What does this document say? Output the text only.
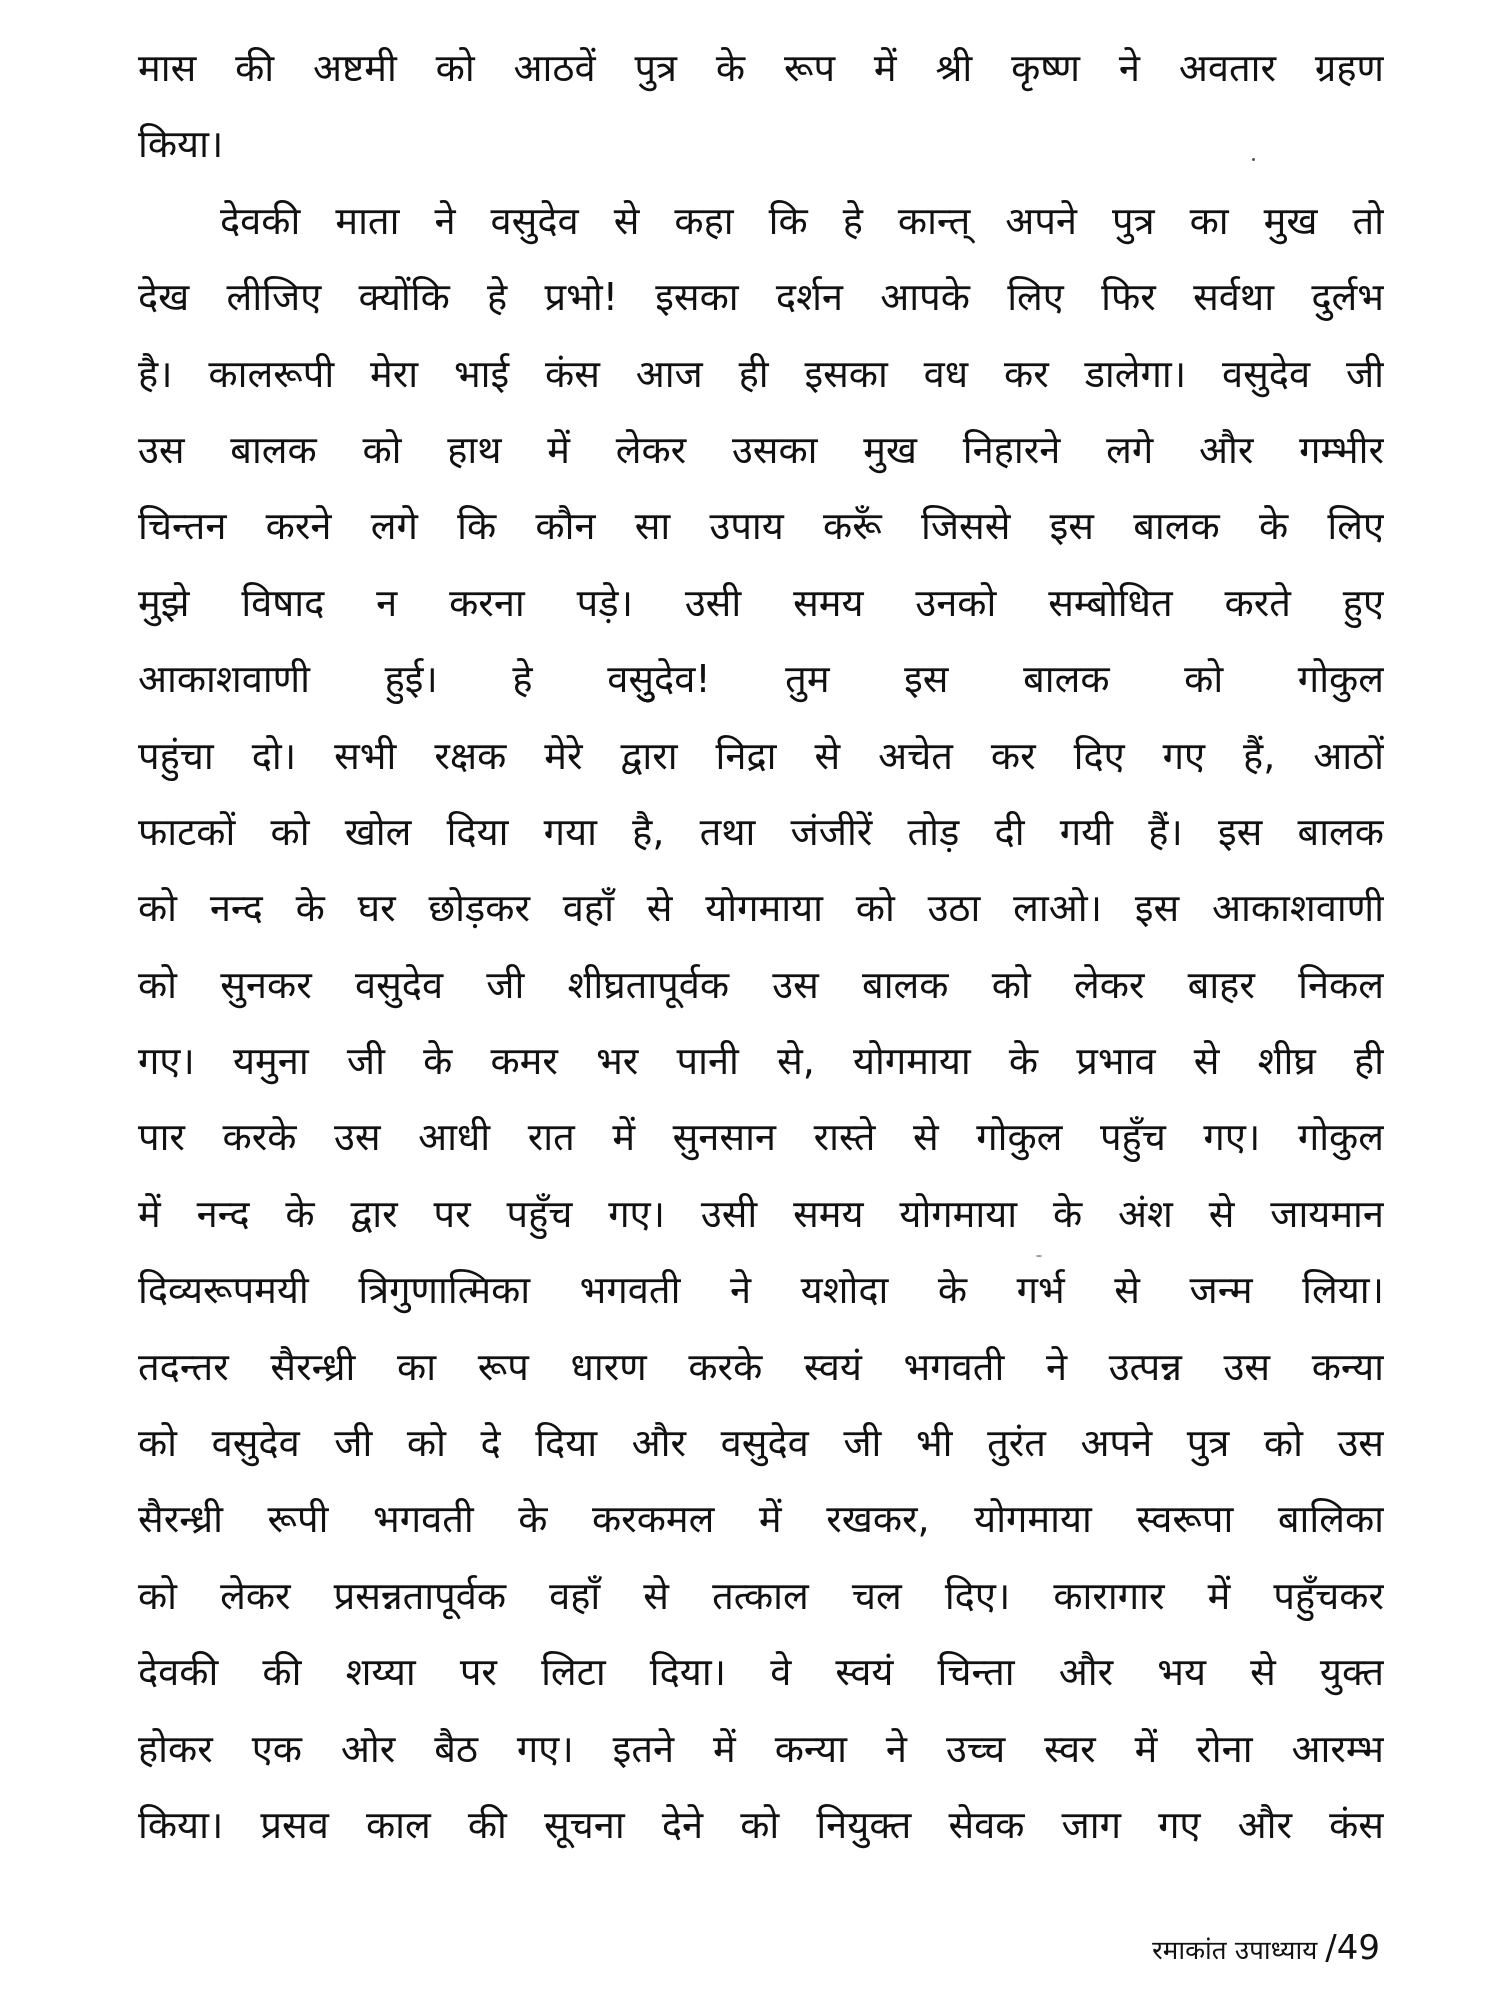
मास की अष्टमी को आठवें पुत्र के रूप में श्री कृष्ण ने अवतार ग्रहण
किया।
देवकी माता ने वसुदेव से कहा कि हे कान्त् अपने पुत्र का मुख तो
देख लीजिए क्योंकि हे प्रभो! इसका दर्शन आपके लिए फिर सर्वथा दुर्लभ
है। कालरूपी मेरा भाई कंस आज ही इसका वध कर डालेगा। वसुदेव जी
उस बालक को हाथ में लेकर उसका मुख निहारने लगे और गम्भीर
चिन्तन करने लगे कि कौन सा उपाय करूँ जिससे इस बालक के लिए
मुझे विषाद न करना पड़े। उसी समय उनको सम्बोधित करते हुए
आकाशवाणी हुई। हे वसुुुुुुुुुुुुदेव! तुम इस बालक को गोकुल
पहुंचा दो। सभी रक्षक मेरे द्वारा निद्रा से अचेत कर दिए गए हैं, आठों
फाटकों को खोल दिया गया है, तथा जंजीरें तोड़ दी गयी हैं। इस बालक
को नन्द के घर छोड़कर वहाँ से योगमाया को उठा लाओ। इस आकाशवाणी
को सुनकर वसुदेव जी शीघ्रतापूर्वक उस बालक को लेकर बाहर निकल
गए। यमुना जी के कमर भर पानी से, योगमाया के प्रभाव से शीघ्र ही
पार करके उस आधी रात में सुनसान रास्ते से गोकुल पहुँच गए। गोकुल
में नन्द के द्वार पर पहुँच गए। उसी समय योगमाया के अंश से जायमान
दिव्यरूपमयी त्रिगुणात्मिका भगवती ने यशोदा के गर्भ से जन्म लिया।
तदन्तर सैरन्ध्री का रूप धारण करके स्वयं भगवती ने उत्पन्न उस कन्या
को वसुदेव जी को दे दिया और वसुदेव जी भी तुरंत अपने पुत्र को उस
सैरन्ध्री रूपी भगवती के करकमल में रखकर, योगमाया स्वरूपा बालिका
को लेकर प्रसन्नतापूर्वक वहाँ से तत्काल चल दिए। कारागार में पहुँचकर
देवकी की शय्या पर लिटा दिया। वे स्वयं चिन्ता और भय से युक्त
होकर एक ओर बैठ गए। इतने में कन्या ने उच्च स्वर में रोना आरम्भ
किया। प्रसव काल की सूचना देने को नियुक्त सेवक जाग गए और कंस
रमाकांत उपाध्याय /49
